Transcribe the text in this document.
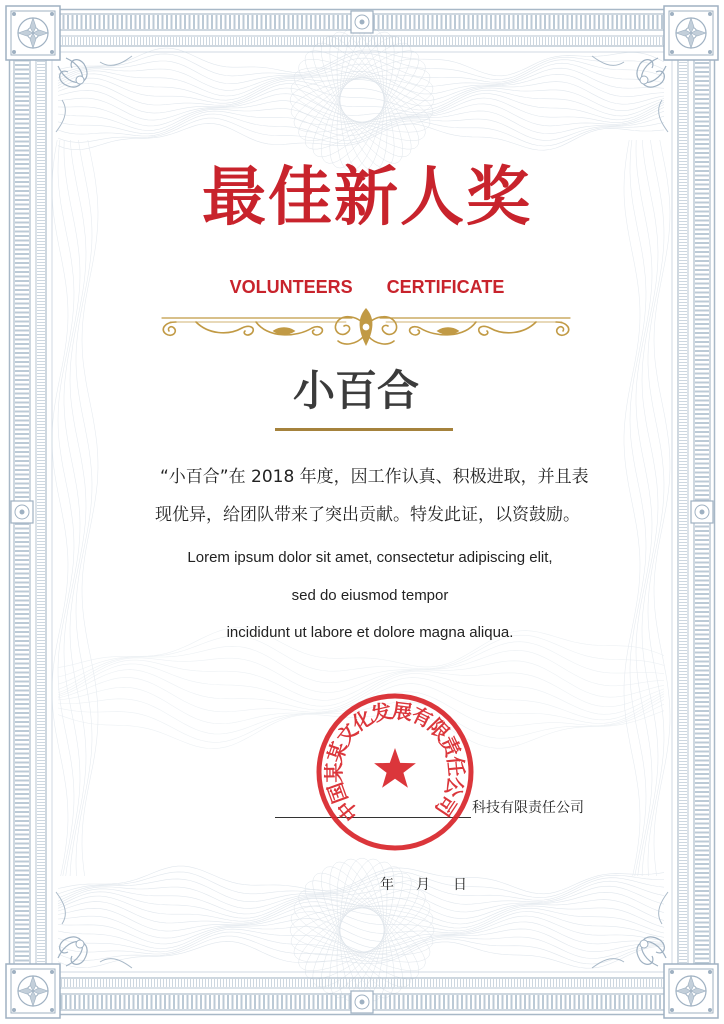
最佳新人奖
VOLUNTEERS CERTIFICATE
小百合
“小百合”在 2018 年度，因工作认真、积极进取，并且表
现优异，给团队带来了突出贡献。特发此证，以资鼓励。
Lorem ipsum dolor sit amet, consectetur adipiscing elit,
sed do eiusmod tempor
incididunt ut labore et dolore magna aliqua.
科技有限责任公司
中国某某文化发展有限责任公司
年 月 日
